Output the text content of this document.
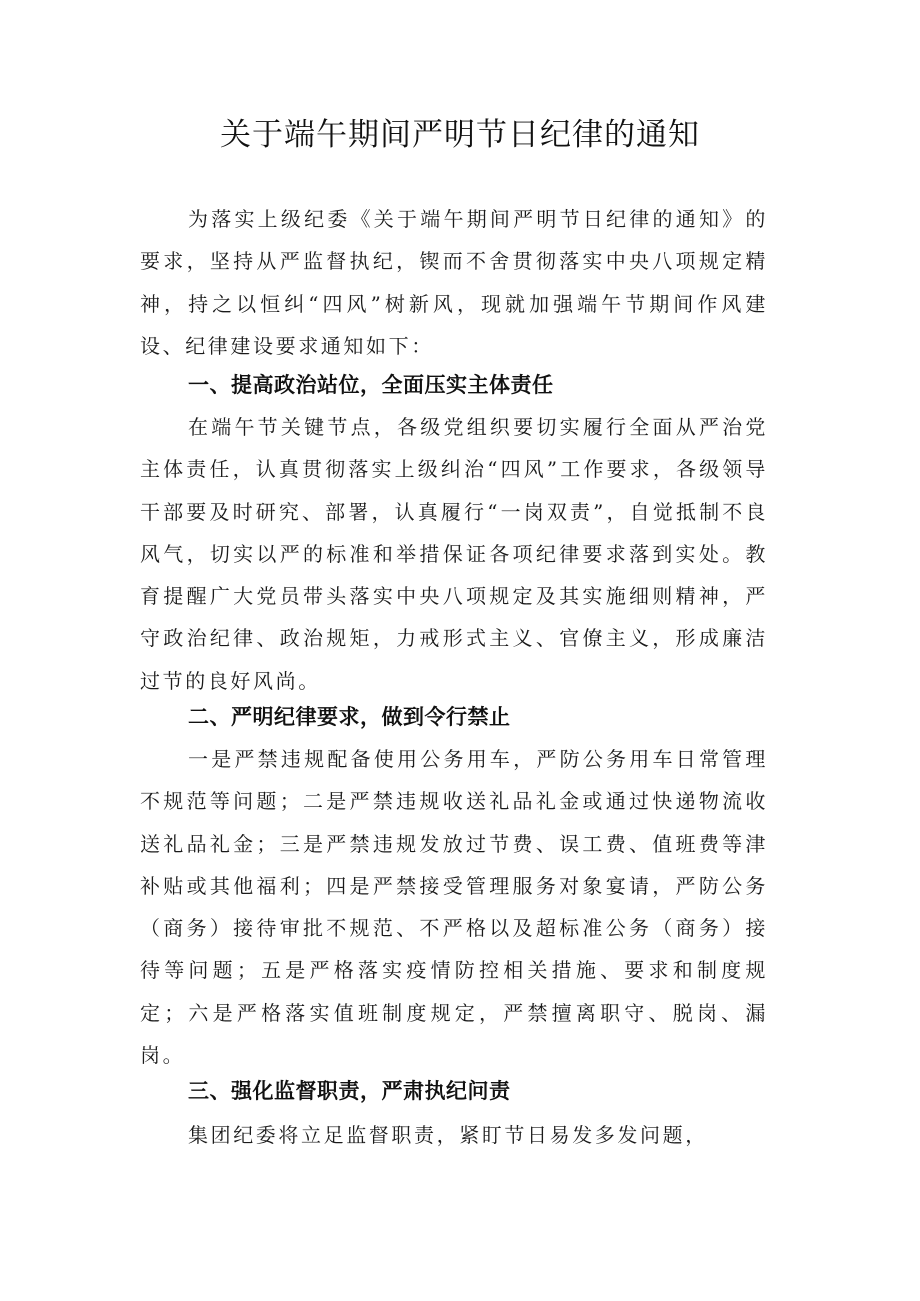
关于端午期间严明节日纪律的通知

为落实上级纪委《关于端午期间严明节日纪律的通知》的要求，坚持从严监督执纪，锲而不舍贯彻落实中央八项规定精神，持之以恒纠“四风”树新风，现就加强端午节期间作风建设、纪律建设要求通知如下：

一、提高政治站位，全面压实主体责任

在端午节关键节点，各级党组织要切实履行全面从严治党主体责任，认真贯彻落实上级纠治“四风”工作要求，各级领导干部要及时研究、部署，认真履行“一岗双责”，自觉抵制不良风气，切实以严的标准和举措保证各项纪律要求落到实处。教育提醒广大党员带头落实中央八项规定及其实施细则精神，严守政治纪律、政治规矩，力戒形式主义、官僚主义，形成廉洁过节的良好风尚。

二、严明纪律要求，做到令行禁止

一是严禁违规配备使用公务用车，严防公务用车日常管理不规范等问题；二是严禁违规收送礼品礼金或通过快递物流收送礼品礼金；三是严禁违规发放过节费、误工费、值班费等津补贴或其他福利；四是严禁接受管理服务对象宴请，严防公务（商务）接待审批不规范、不严格以及超标准公务（商务）接待等问题；五是严格落实疫情防控相关措施、要求和制度规定；六是严格落实值班制度规定，严禁擅离职守、脱岗、漏岗。

三、强化监督职责，严肃执纪问责

集团纪委将立足监督职责，紧盯节日易发多发问题，
